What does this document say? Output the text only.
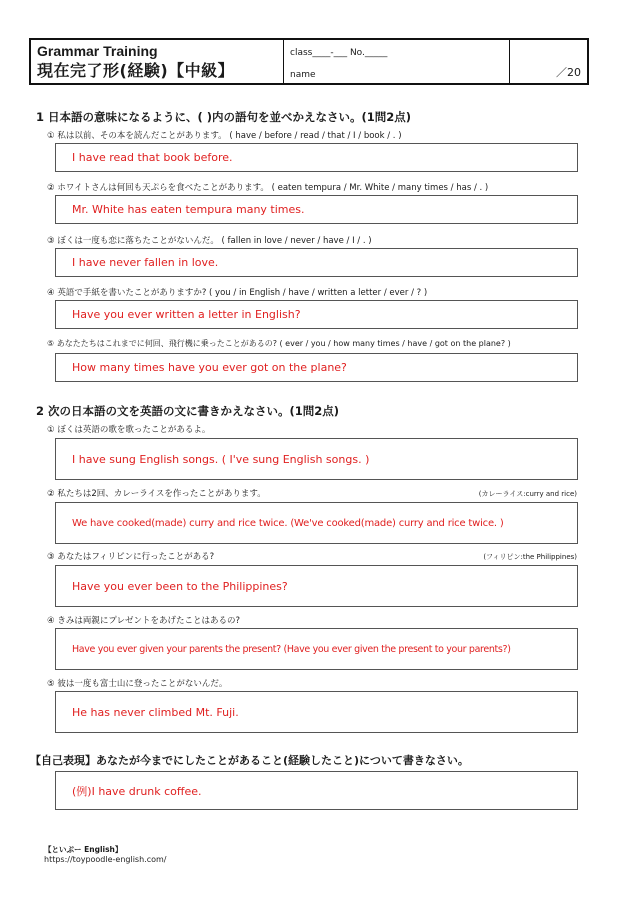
Grammar Training
現在完了形(経験)【中級】
class____-___ No._____
name	／20
1 日本語の意味になるように、( )内の語句を並べかえなさい。(1問2点)
① 私は以前、その本を読んだことがあります。 ( have / before / read / that / I / book / . )
I have read that book before.
② ホワイトさんは何回も天ぷらを食べたことがあります。 ( eaten tempura / Mr. White / many times / has / . )
Mr. White has eaten tempura many times.
③ ぼくは一度も恋に落ちたことがないんだ。 ( fallen in love / never / have / I / . )
I have never fallen in love.
④ 英語で手紙を書いたことがありますか? ( you / in English / have / written a letter / ever / ? )
Have you ever written a letter in English?
⑤ あなたたちはこれまでに何回、飛行機に乗ったことがあるの? ( ever / you / how many times / have / got on the plane? )
How many times have you ever got on the plane?
2 次の日本語の文を英語の文に書きかえなさい。(1問2点)
① ぼくは英語の歌を歌ったことがあるよ。
I have sung English songs. ( I've sung English songs. )
② 私たちは2回、カレーライスを作ったことがあります。	(カレーライス:curry and rice)
We have cooked(made) curry and rice twice. (We've cooked(made) curry and rice twice. )
③ あなたはフィリピンに行ったことがある?	(フィリピン:the Philippines)
Have you ever been to the Philippines?
④ きみは両親にプレゼントをあげたことはあるの?
Have you ever given your parents the present? (Have you ever given the present to your parents?)
⑤ 彼は一度も富士山に登ったことがないんだ。
He has never climbed Mt. Fuji.
【自己表現】あなたが今までにしたことがあること(経験したこと)について書きなさい。
(例)I have drunk coffee.
【といぷー English】
https://toypoodle-english.com/
